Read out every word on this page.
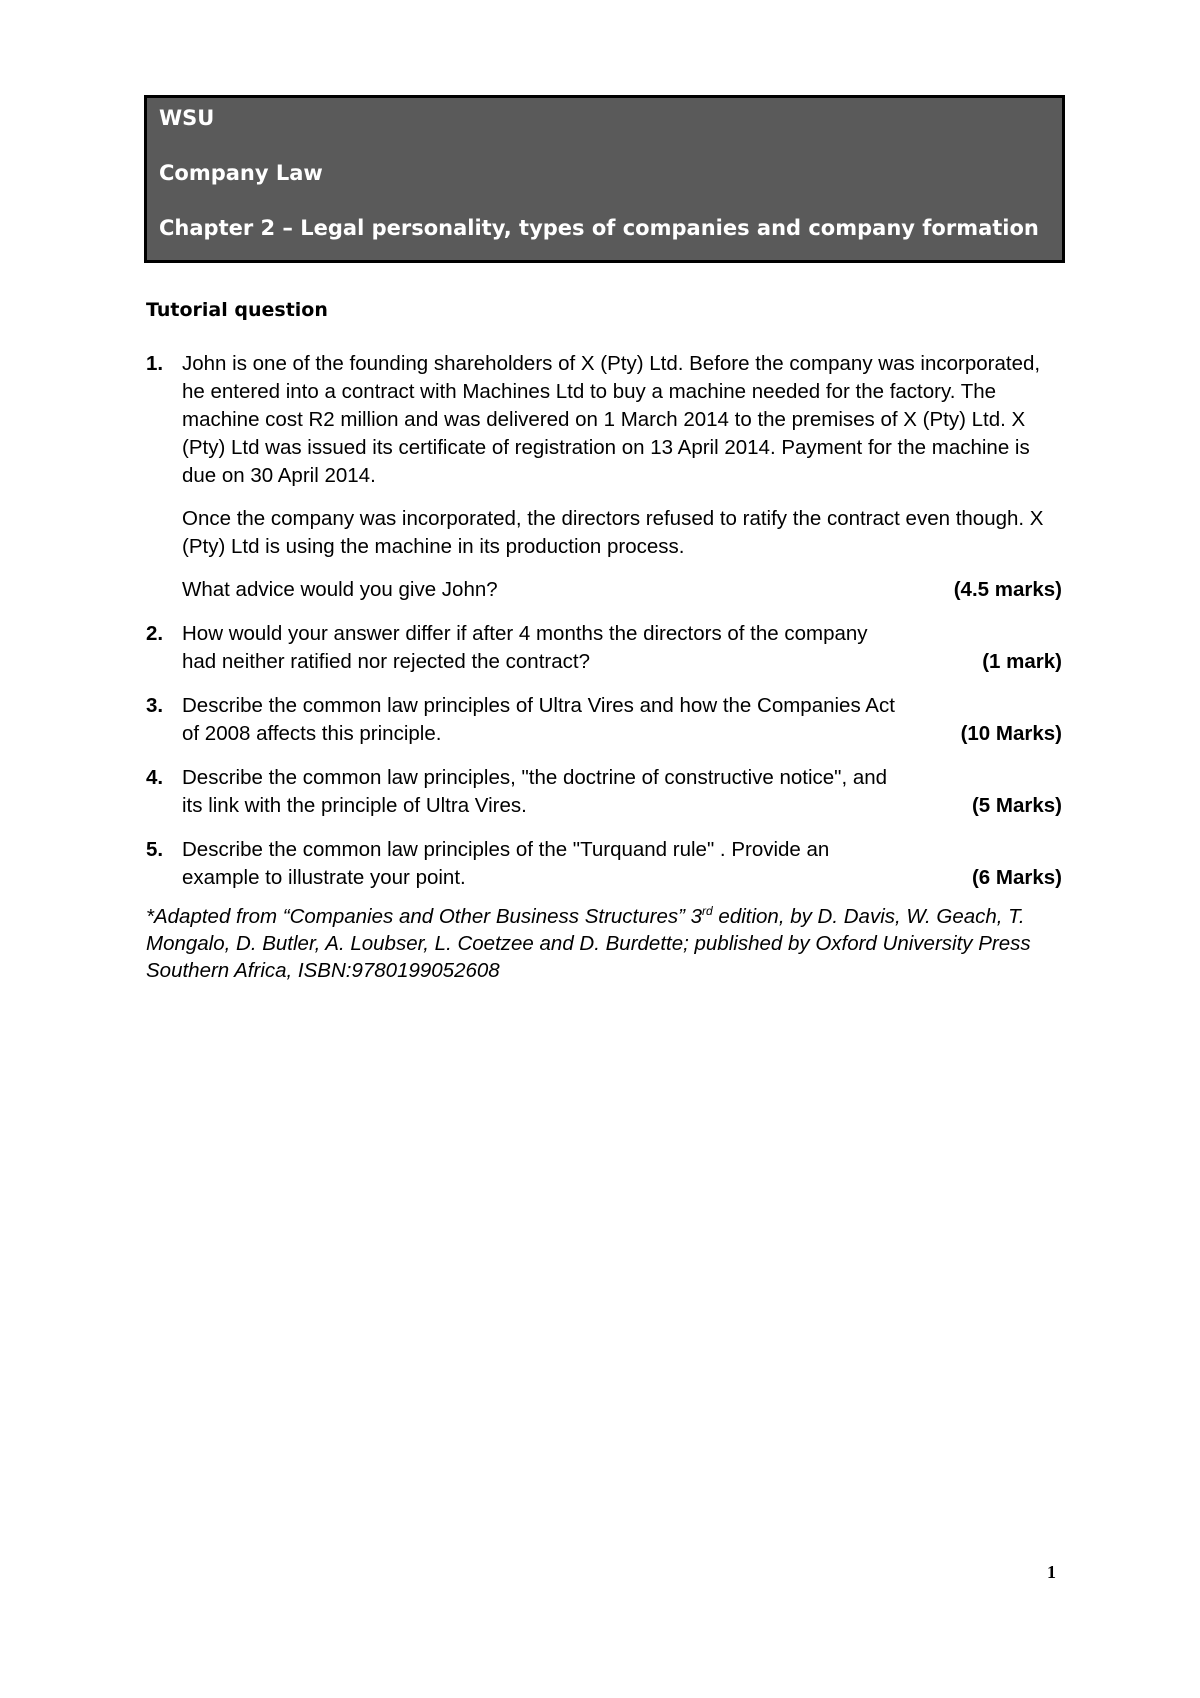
WSU
Company Law
Chapter 2 – Legal personality, types of companies and company formation
Tutorial question
1. John is one of the founding shareholders of X (Pty) Ltd. Before the company was incorporated, he entered into a contract with Machines Ltd to buy a machine needed for the factory. The machine cost R2 million and was delivered on 1 March 2014 to the premises of X (Pty) Ltd. X (Pty) Ltd was issued its certificate of registration on 13 April 2014. Payment for the machine is due on 30 April 2014.

Once the company was incorporated, the directors refused to ratify the contract even though. X (Pty) Ltd is using the machine in its production process.

What advice would you give John?	(4.5 marks)

2. How would your answer differ if after 4 months the directors of the company had neither ratified nor rejected the contract?	(1 mark)

3. Describe the common law principles of Ultra Vires and how the Companies Act of 2008 affects this principle.	(10 Marks)

4. Describe the common law principles, "the doctrine of constructive notice", and its link with the principle of Ultra Vires.	(5 Marks)

5. Describe the common law principles of the "Turquand rule" . Provide an example to illustrate your point.	(6 Marks)

*Adapted from “Companies and Other Business Structures” 3rd edition, by D. Davis, W. Geach, T. Mongalo, D. Butler, A. Loubser, L. Coetzee and D. Burdette; published by Oxford University Press Southern Africa, ISBN:9780199052608
1
